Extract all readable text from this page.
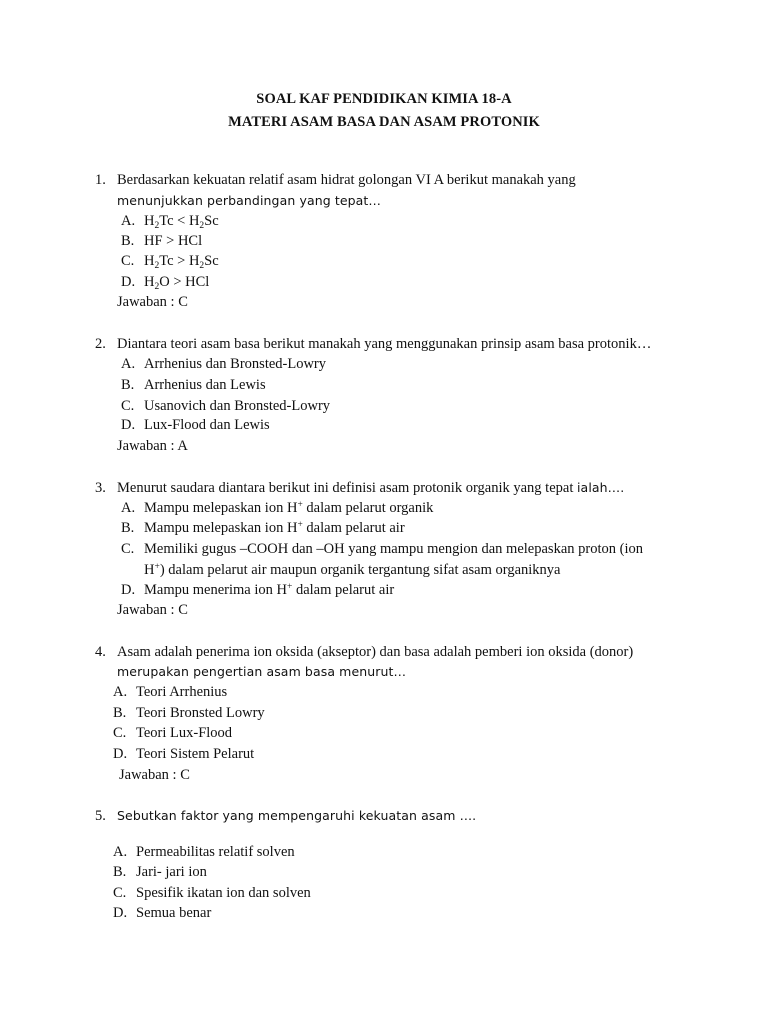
SOAL KAF PENDIDIKAN KIMIA 18-A
MATERI ASAM BASA DAN ASAM PROTONIK
1. Berdasarkan kekuatan relatif asam hidrat golongan VI A berikut manakah yang
menunjukkan perbandingan yang tepat…
A. $H_2Tc < H_2Sc$
B. HF > HCl
C. $H_2Tc > H_2Sc$
D. $H_2O$ > HCl
Jawaban : C
2. Diantara teori asam basa berikut manakah yang menggunakan prinsip asam basa protonik…
A. Arrhenius dan Bronsted-Lowry
B. Arrhenius dan Lewis
C. Usanovich dan Bronsted-Lowry
D. Lux-Flood dan Lewis
Jawaban : A
3. Menurut saudara diantara berikut ini definisi asam protonik organik yang tepat ialah….
A. Mampu melepaskan ion H+ dalam pelarut organik
B. Mampu melepaskan ion H+ dalam pelarut air
C. Memiliki gugus –COOH dan –OH yang mampu mengion dan melepaskan proton (ion
H+) dalam pelarut air maupun organik tergantung sifat asam organiknya
D. Mampu menerima ion H+ dalam pelarut air
Jawaban : C
4. Asam adalah penerima ion oksida (akseptor) dan basa adalah pemberi ion oksida (donor)
merupakan pengertian asam basa menurut…
A. Teori Arrhenius
B. Teori Bronsted Lowry
C. Teori Lux-Flood
D. Teori Sistem Pelarut
Jawaban : C
5. Sebutkan faktor yang mempengaruhi kekuatan asam ….
A. Permeabilitas relatif solven
B. Jari- jari ion
C. Spesifik ikatan ion dan solven
D. Semua benar
